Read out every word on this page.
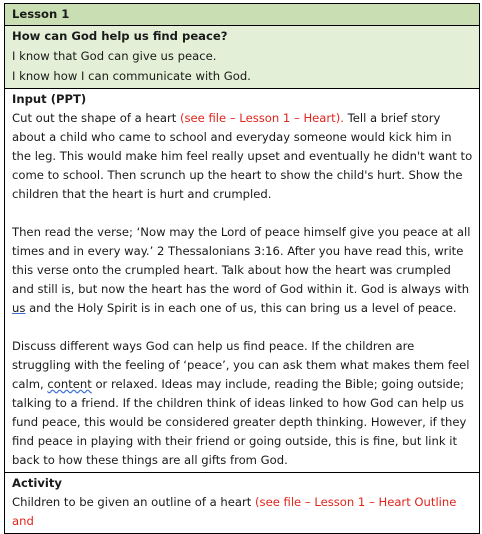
Lesson 1
How can God help us find peace?
I know that God can give us peace.
I know how I can communicate with God.
Input (PPT)

Cut out the shape of a heart (see file – Lesson 1 – Heart). Tell a brief story about a child who came to school and everyday someone would kick him in the leg. This would make him feel really upset and eventually he didn't want to come to school. Then scrunch up the heart to show the child's hurt. Show the children that the heart is hurt and crumpled.

Then read the verse; ‘Now may the Lord of peace himself give you peace at all times and in every way.’ 2 Thessalonians 3:16. After you have read this, write this verse onto the crumpled heart. Talk about how the heart was crumpled and still is, but now the heart has the word of God within it. God is always with us and the Holy Spirit is in each one of us, this can bring us a level of peace.

Discuss different ways God can help us find peace. If the children are struggling with the feeling of ‘peace’, you can ask them what makes them feel calm, content or relaxed. Ideas may include, reading the Bible; going outside; talking to a friend. If the children think of ideas linked to how God can help us fund peace, this would be considered greater depth thinking. However, if they find peace in playing with their friend or going outside, this is fine, but link it back to how these things are all gifts from God.

Activity

Children to be given an outline of a heart (see file – Lesson 1 – Heart Outline and
